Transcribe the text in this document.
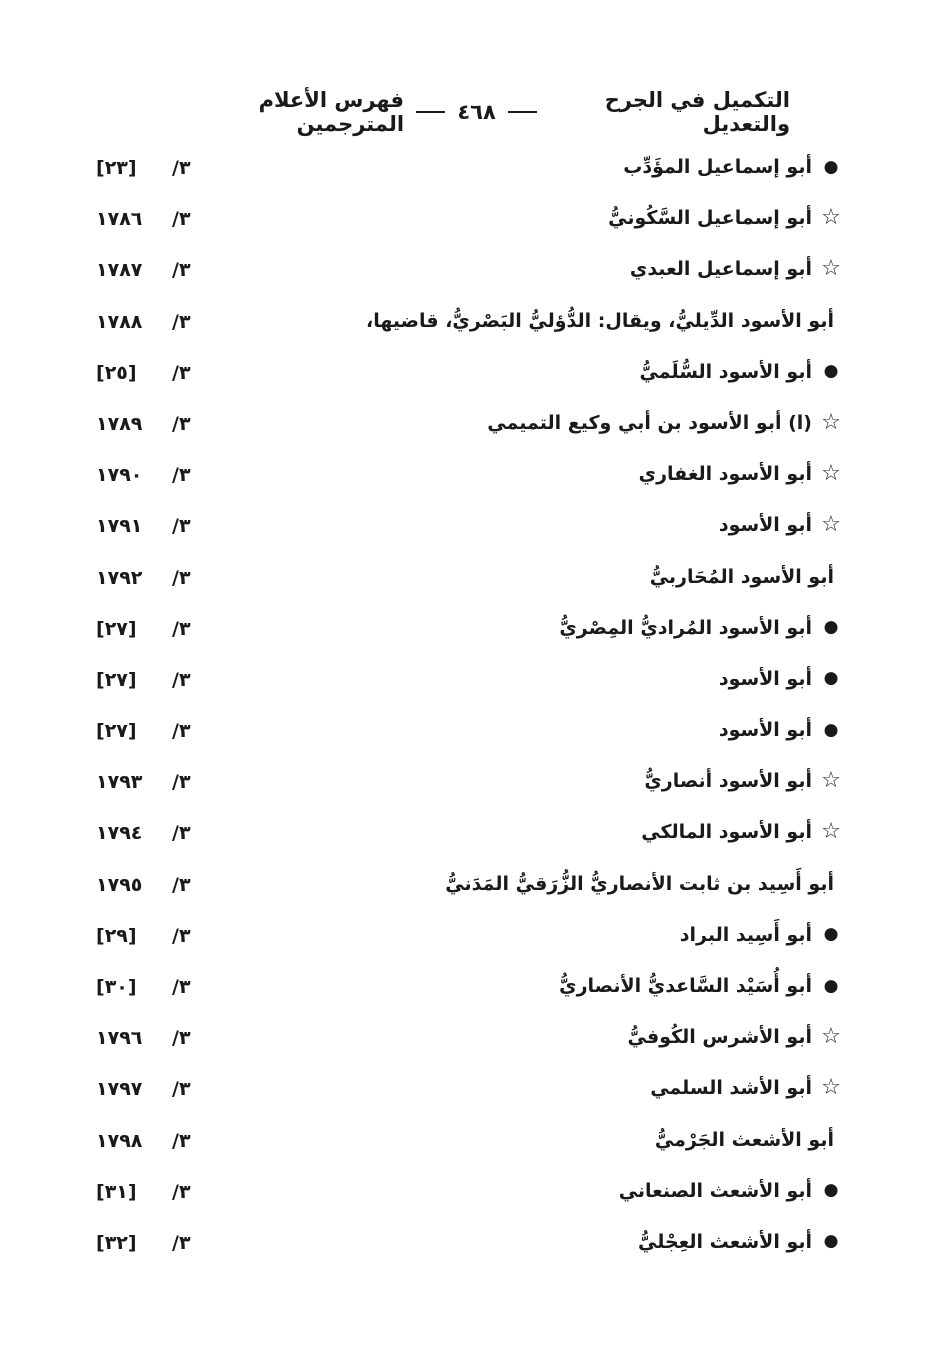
التكميل في الجرح والتعديل
٤٦٨
فهرس الأعلام المترجمين
●
أبو إسماعيل المؤَدِّب
٣/
[٢٣]
☆
أبو إسماعيل السَّكُونيُّ
٣/
١٧٨٦
☆
أبو إسماعيل العبدي
٣/
١٧٨٧
أبو الأسود الدِّيليُّ، ويقال: الدُّؤليُّ البَصْريُّ، قاضيها،
٣/
١٧٨٨
●
أبو الأسود السُّلَميُّ
٣/
[٢٥]
☆
(ا) أبو الأسود بن أبي وكيع التميمي
٣/
١٧٨٩
☆
أبو الأسود الغفاري
٣/
١٧٩٠
☆
أبو الأسود
٣/
١٧٩١
أبو الأسود المُحَاربيُّ
٣/
١٧٩٢
●
أبو الأسود المُراديُّ المِصْريُّ
٣/
[٢٧]
●
أبو الأسود
٣/
[٢٧]
●
أبو الأسود
٣/
[٢٧]
☆
أبو الأسود أنصاريُّ
٣/
١٧٩٣
☆
أبو الأسود المالكي
٣/
١٧٩٤
أبو أَسِيد بن ثابت الأنصاريُّ الزُّرَقيُّ المَدَنيُّ
٣/
١٧٩٥
●
أبو أَسِيد البراد
٣/
[٢٩]
●
أبو أُسَيْد السَّاعديُّ الأنصاريُّ
٣/
[٣٠]
☆
أبو الأشرس الكُوفيُّ
٣/
١٧٩٦
☆
أبو الأشد السلمي
٣/
١٧٩٧
أبو الأشعث الجَرْميُّ
٣/
١٧٩٨
●
أبو الأشعث الصنعاني
٣/
[٣١]
●
أبو الأشعث العِجْليُّ
٣/
[٣٢]
